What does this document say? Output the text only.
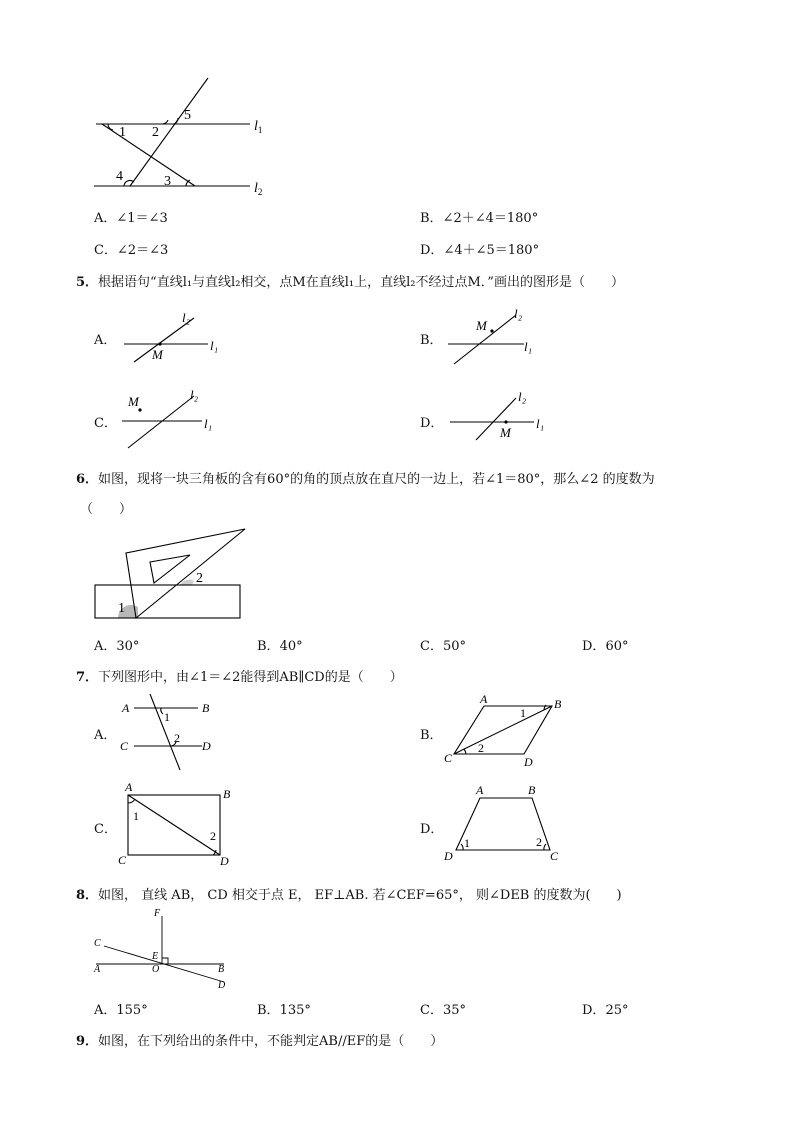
1 2
5
4	3
$l_1$
$l_2$
A．∠1＝∠3	B．∠2＋∠4＝180°
C．∠2＝∠3	D．∠4＋∠5＝180°
5．根据语句“直线l₁与直线l₂相交，点M在直线l₁上，直线l₂不经过点M．”画出的图形是（　　）
A．
l₂
l₁
M
B．
l₂
l₁
M
C．
l₂
l₁
M
D．
l₂
l₁
M
6．如图，现将一块三角板的含有60°的角的顶点放在直尺的一边上，若∠1＝80°，那么∠2 的度数为
（　　）
1
2
A．30°	B．40°	C．50°	D．60°
7．下列图形中，由∠1＝∠2能得到AB∥CD的是（　　）
A．
A	B
C	D
1
2	B．
A	B
C	D
1
2
C．
A	B
C	D
1
2	D．
A	B
D	C
1	2
8．如图， 直线 AB， CD 相交于点 E， EF⊥AB. 若∠CEF=65°， 则∠DEB 的度数为(　　)
F
C
E
A	O	B
D
A．155°	B．135°	C．35°	D．25°
9．如图，在下列给出的条件中，不能判定AB//EF的是（　　）
